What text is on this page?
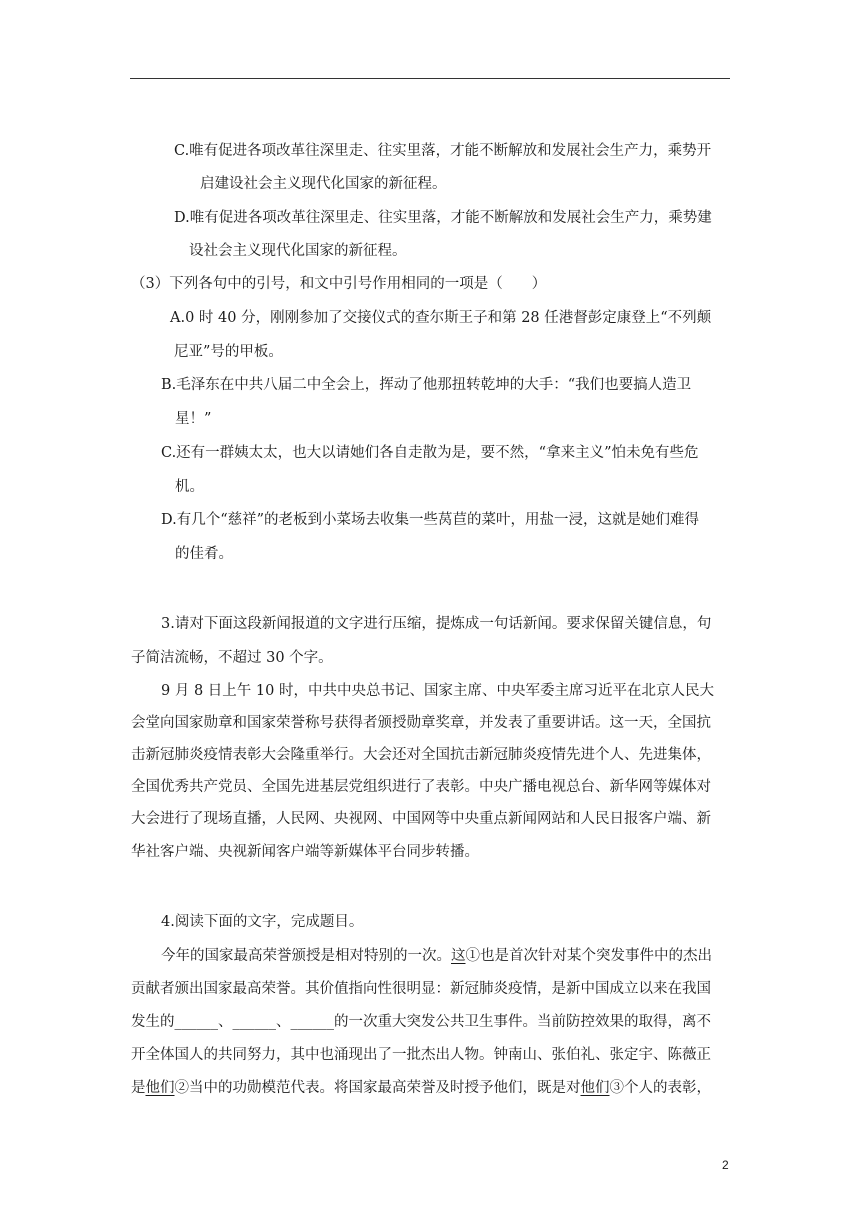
C.唯有促进各项改革往深里走、往实里落，才能不断解放和发展社会生产力，乘势开
启建设社会主义现代化国家的新征程。
D.唯有促进各项改革往深里走、往实里落，才能不断解放和发展社会生产力，乘势建
设社会主义现代化国家的新征程。
（3）下列各句中的引号，和文中引号作用相同的一项是（　　）
A.0 时 40 分，刚刚参加了交接仪式的查尔斯王子和第 28 任港督彭定康登上“不列颠
尼亚”号的甲板。
B.毛泽东在中共八届二中全会上，挥动了他那扭转乾坤的大手：“我们也要搞人造卫
星！”
C.还有一群姨太太，也大以请她们各自走散为是，要不然，“拿来主义”怕未免有些危
机。
D.有几个“慈祥”的老板到小菜场去收集一些莴苣的菜叶，用盐一浸，这就是她们难得
的佳肴。
3.请对下面这段新闻报道的文字进行压缩，提炼成一句话新闻。要求保留关键信息，句
子简洁流畅，不超过 30 个字。
9 月 8 日上午 10 时，中共中央总书记、国家主席、中央军委主席习近平在北京人民大
会堂向国家勋章和国家荣誉称号获得者颁授勋章奖章，并发表了重要讲话。这一天，全国抗
击新冠肺炎疫情表彰大会隆重举行。大会还对全国抗击新冠肺炎疫情先进个人、先进集体，
全国优秀共产党员、全国先进基层党组织进行了表彰。中央广播电视总台、新华网等媒体对
大会进行了现场直播，人民网、央视网、中国网等中央重点新闻网站和人民日报客户端、新
华社客户端、央视新闻客户端等新媒体平台同步转播。
4.阅读下面的文字，完成题目。
今年的国家最高荣誉颁授是相对特别的一次。这①也是首次针对某个突发事件中的杰出
贡献者颁出国家最高荣誉。其价值指向性很明显：新冠肺炎疫情，是新中国成立以来在我国
发生的______、______、______的一次重大突发公共卫生事件。当前防控效果的取得，离不
开全体国人的共同努力，其中也涌现出了一批杰出人物。钟南山、张伯礼、张定宇、陈薇正
是他们②当中的功勋模范代表。将国家最高荣誉及时授予他们，既是对他们③个人的表彰，
2
